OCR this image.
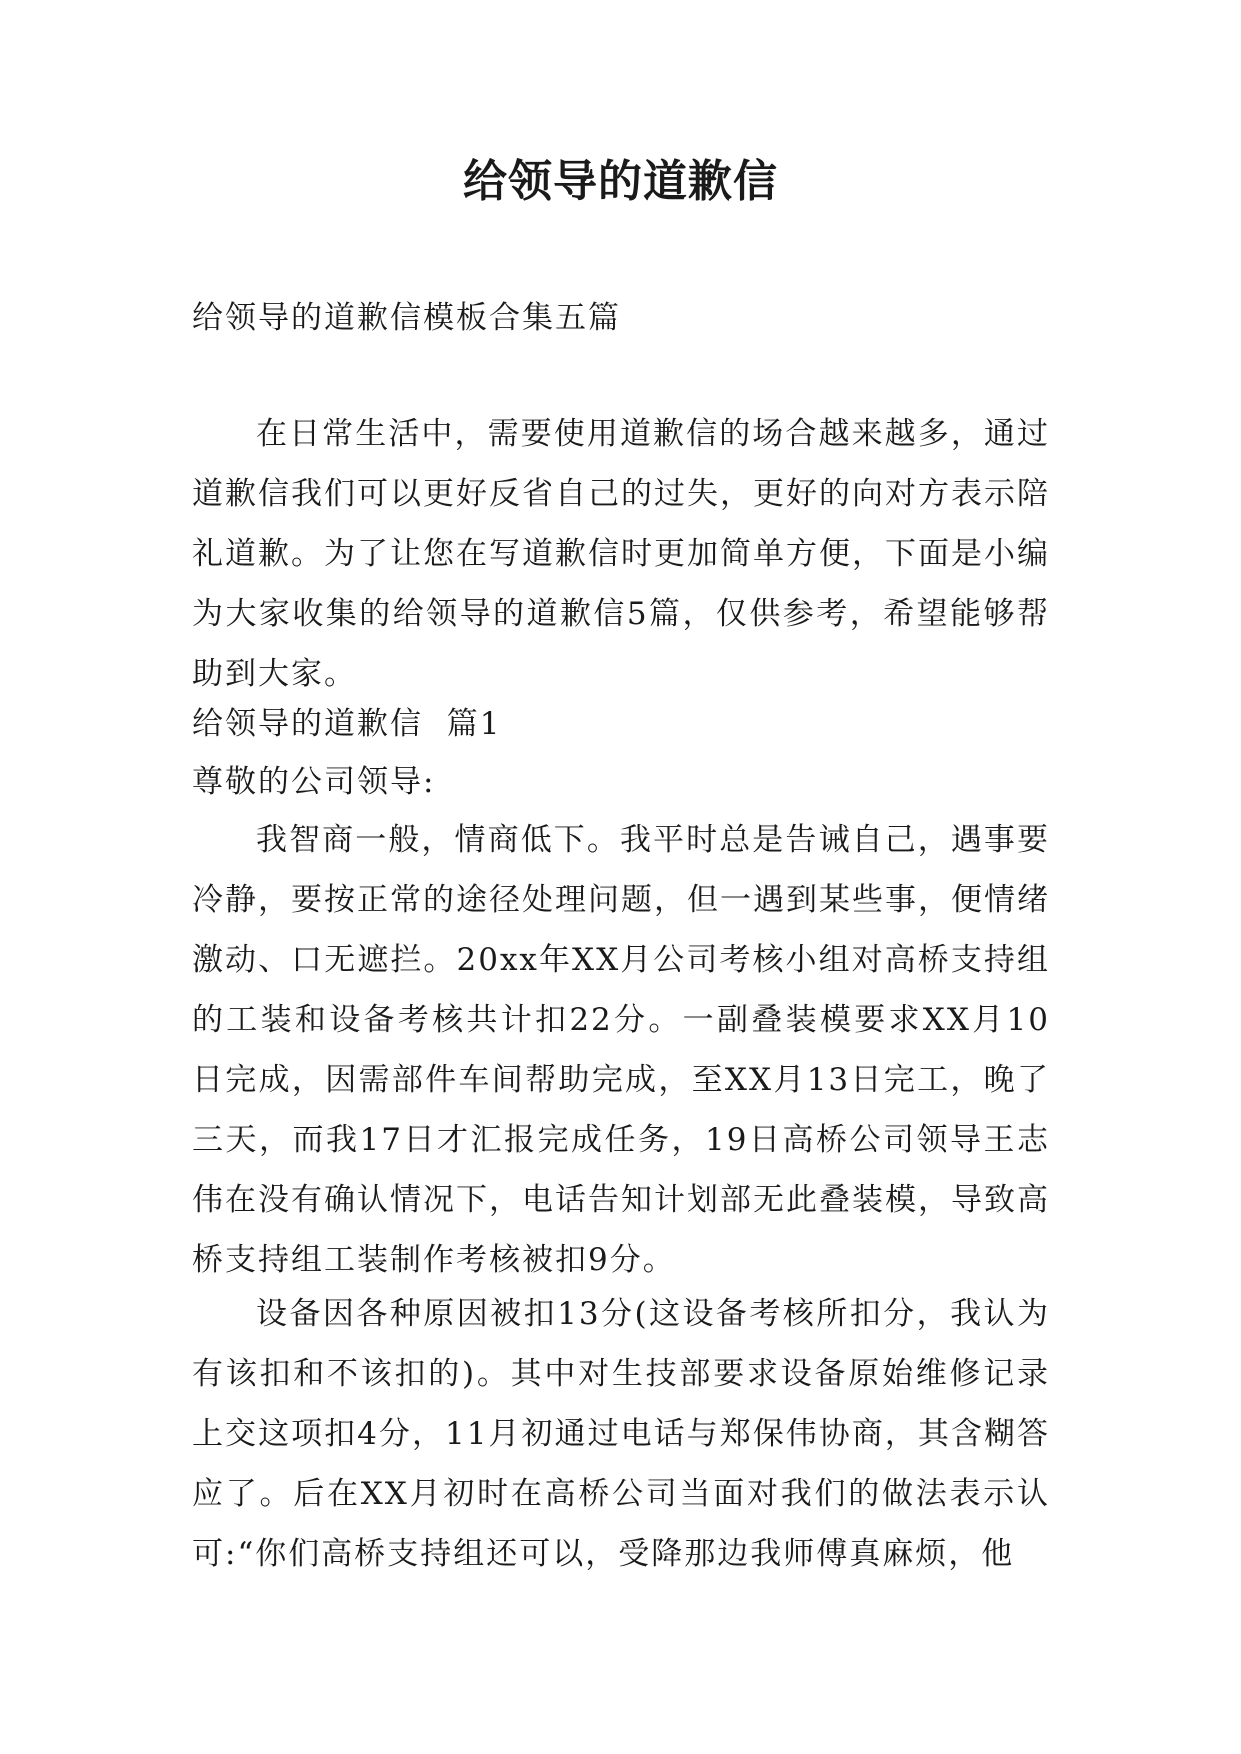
给领导的道歉信

给领导的道歉信模板合集五篇

在日常生活中，需要使用道歉信的场合越来越多，通过道歉信我们可以更好反省自己的过失，更好的向对方表示陪礼道歉。为了让您在写道歉信时更加简单方便，下面是小编为大家收集的给领导的道歉信5篇，仅供参考，希望能够帮助到大家。

给领导的道歉信  篇1

尊敬的公司领导:

我智商一般，情商低下。我平时总是告诫自己，遇事要冷静，要按正常的途径处理问题，但一遇到某些事，便情绪激动、口无遮拦。20xx年XX月公司考核小组对高桥支持组的工装和设备考核共计扣22分。一副叠装模要求XX月10日完成，因需部件车间帮助完成，至XX月13日完工，晚了三天，而我17日才汇报完成任务，19日高桥公司领导王志伟在没有确认情况下，电话告知计划部无此叠装模，导致高桥支持组工装制作考核被扣9分。

设备因各种原因被扣13分(这设备考核所扣分，我认为有该扣和不该扣的)。其中对生技部要求设备原始维修记录上交这项扣4分，11月初通过电话与郑保伟协商，其含糊答应了。后在XX月初时在高桥公司当面对我们的做法表示认可:“你们高桥支持组还可以，受降那边我师傅真麻烦，他
